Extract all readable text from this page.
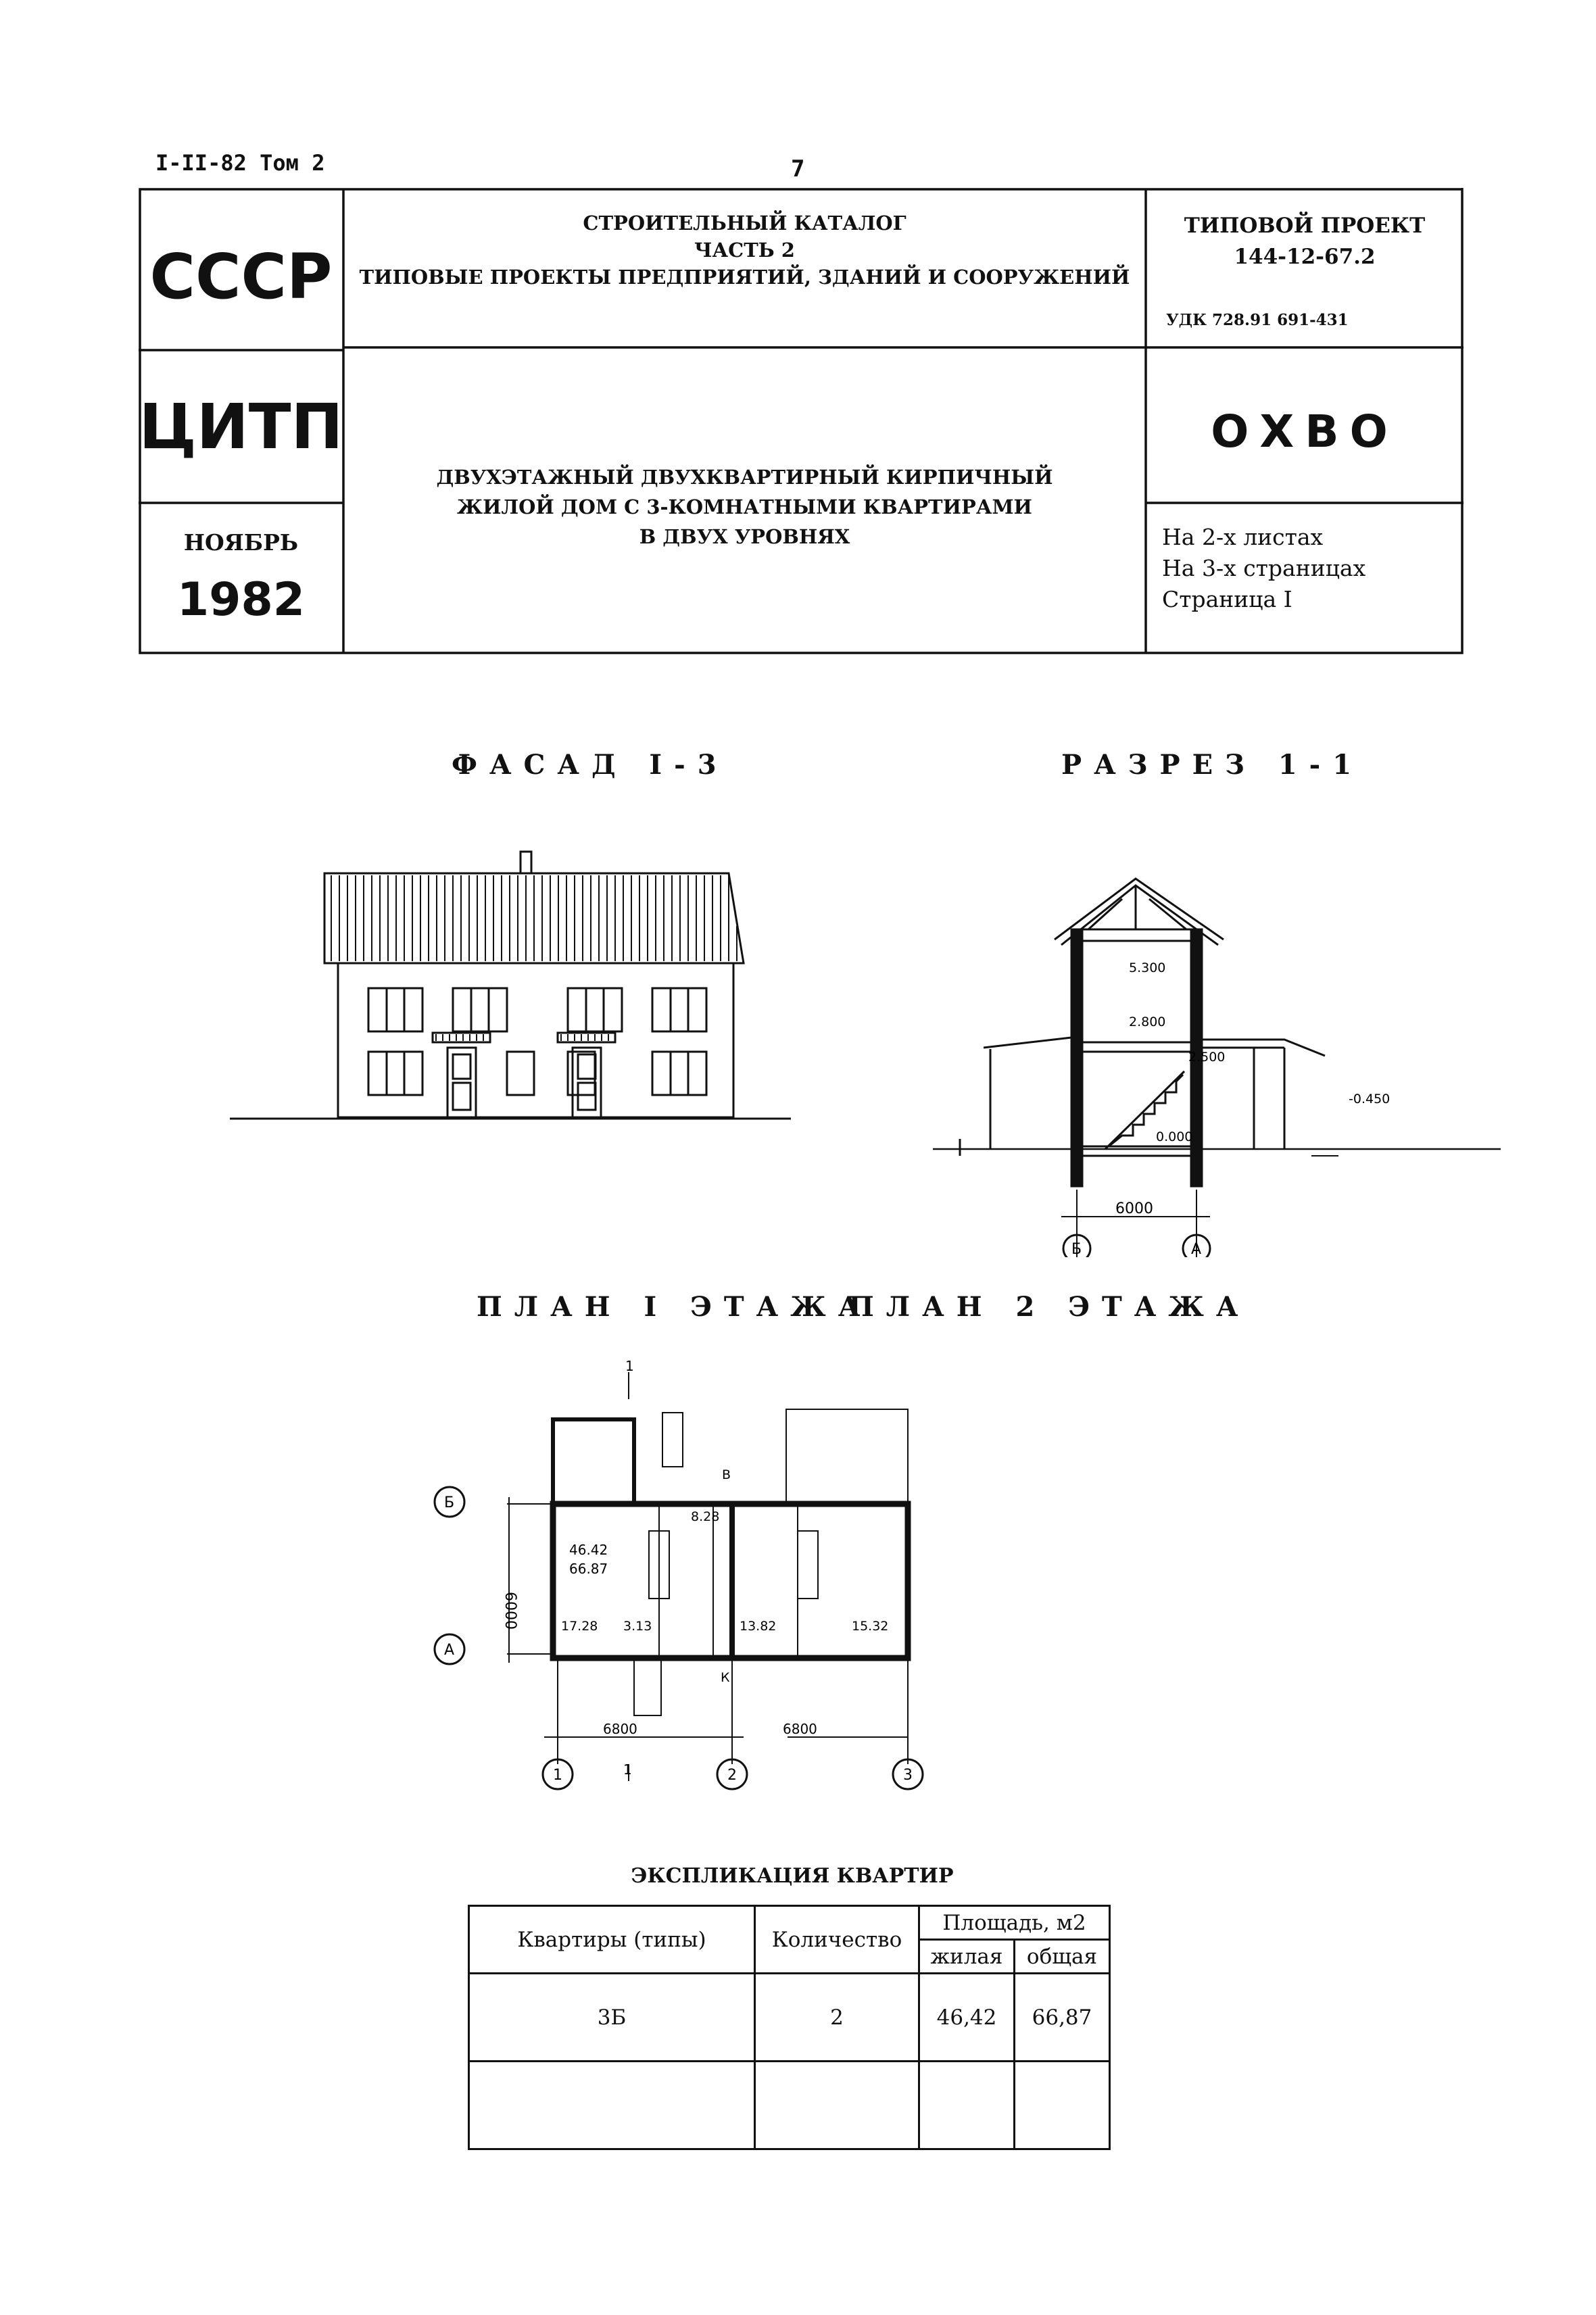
I-II-82 Том 2	7
СССР
ЦИТП
НОЯБРЬ
1982
СТРОИТЕЛЬНЫЙ КАТАЛОГ
ЧАСТЬ 2
ТИПОВЫЕ ПРОЕКТЫ ПРЕДПРИЯТИЙ, ЗДАНИЙ И СООРУЖЕНИЙ
ДВУХЭТАЖНЫЙ ДВУХКВАРТИРНЫЙ КИРПИЧНЫЙ
ЖИЛОЙ ДОМ С 3-КОМНАТНЫМИ КВАРТИРАМИ
В ДВУХ УРОВНЯХ
ТИПОВОЙ ПРОЕКТ
144-12-67.2
УДК 728.91 691-431
ОХВО
На 2-х листах
На 3-х страницах
Страница I
ФАСАД I-3	РАЗРЕЗ 1-1
ПЛАН I ЭТАЖА
ПЛАН 2 ЭТАЖА
5.300
2.800
2.500
0.000
-0.450
6000
Б	А
1
1
Б
А
6000
46.42
66.87
17.28 3.13
8.28
13.82	15.32
В
К
6800	6800
1	2	3
ЭКСПЛИКАЦИЯ КВАРТИР
Квартиры (типы)	Количество	Площадь, м2	
		жилая	общая
3Б	2	46,42	66,87
